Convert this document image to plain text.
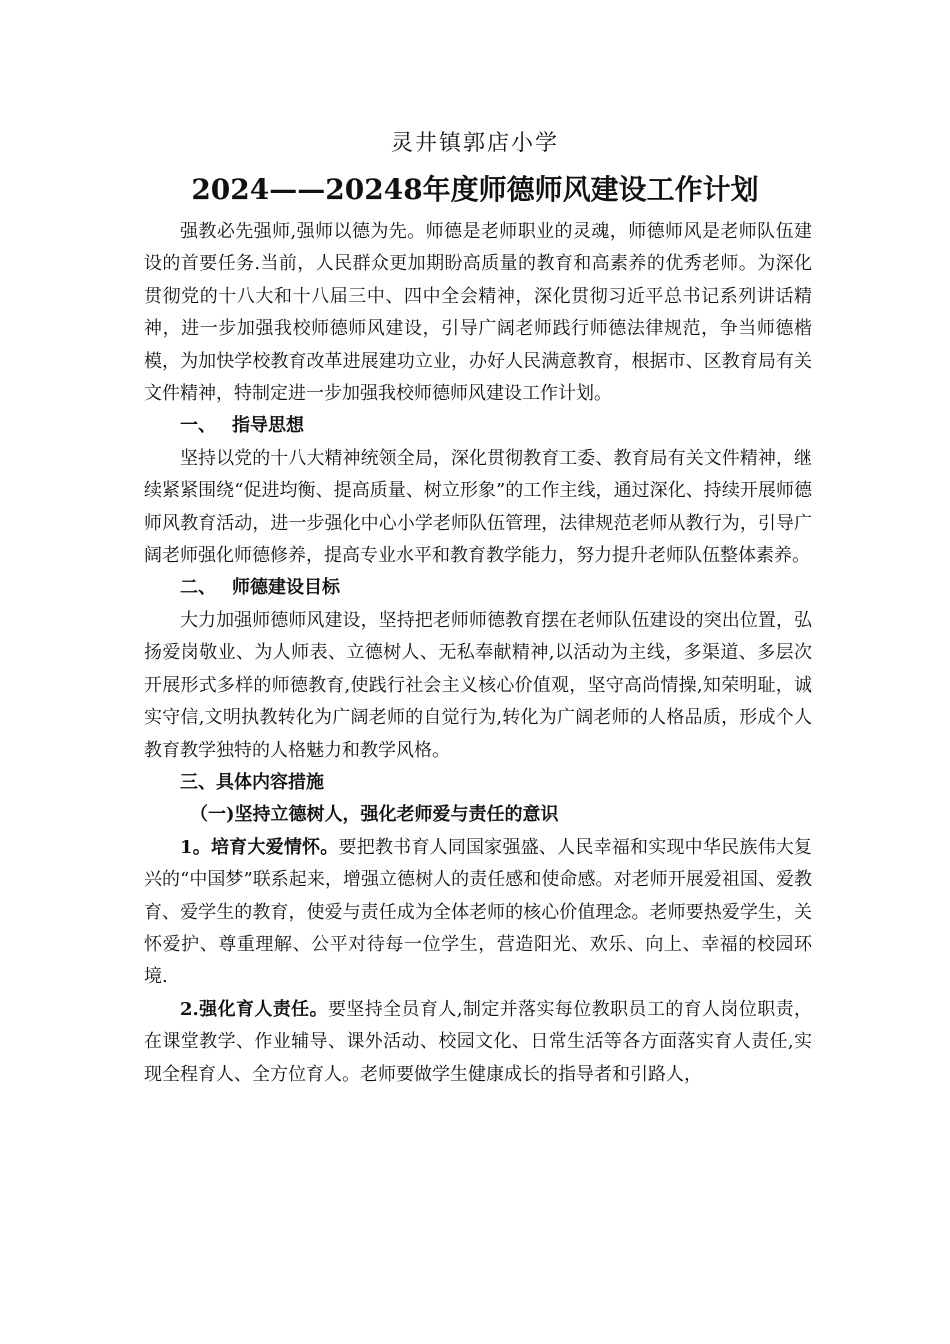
灵井镇郭店小学
2024——20248年度师德师风建设工作计划

强教必先强师,强师以德为先。师德是老师职业的灵魂，师德师风是老师队伍建设的首要任务.当前，人民群众更加期盼高质量的教育和高素养的优秀老师。为深化贯彻党的十八大和十八届三中、四中全会精神，深化贯彻习近平总书记系列讲话精神，进一步加强我校师德师风建设，引导广阔老师践行师德法律规范，争当师德楷模，为加快学校教育改革进展建功立业，办好人民满意教育，根据市、区教育局有关文件精神，特制定进一步加强我校师德师风建设工作计划。

一、 指导思想

坚持以党的十八大精神统领全局，深化贯彻教育工委、教育局有关文件精神，继续紧紧围绕“促进均衡、提高质量、树立形象”的工作主线，通过深化、持续开展师德师风教育活动，进一步强化中心小学老师队伍管理，法律规范老师从教行为，引导广阔老师强化师德修养，提高专业水平和教育教学能力，努力提升老师队伍整体素养。

二、 师德建设目标

大力加强师德师风建设，坚持把老师师德教育摆在老师队伍建设的突出位置，弘扬爱岗敬业、为人师表、立德树人、无私奉献精神,以活动为主线，多渠道、多层次开展形式多样的师德教育,使践行社会主义核心价值观，坚守高尚情操,知荣明耻，诚实守信,文明执教转化为广阔老师的自觉行为,转化为广阔老师的人格品质，形成个人教育教学独特的人格魅力和教学风格。

三、具体内容措施

（一)坚持立德树人，强化老师爱与责任的意识

1。培育大爱情怀。要把教书育人同国家强盛、人民幸福和实现中华民族伟大复兴的“中国梦”联系起来，增强立德树人的责任感和使命感。对老师开展爱祖国、爱教育、爱学生的教育，使爱与责任成为全体老师的核心价值理念。老师要热爱学生，关怀爱护、尊重理解、公平对待每一位学生，营造阳光、欢乐、向上、幸福的校园环境.

2.强化育人责任。要坚持全员育人,制定并落实每位教职员工的育人岗位职责，在课堂教学、作业辅导、课外活动、校园文化、日常生活等各方面落实育人责任,实现全程育人、全方位育人。老师要做学生健康成长的指导者和引路人，
